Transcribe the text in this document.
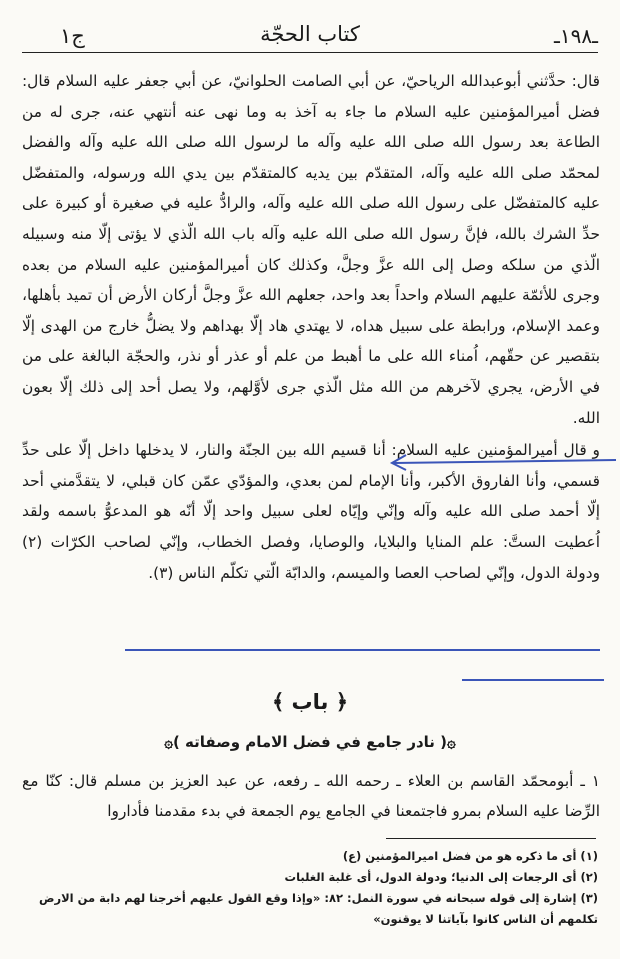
ج۱	كتاب الحجّة	ـ١٩٨ـ

قال: حدَّثني أبوعبدالله الرياحيّ، عن أبي الصامت الحلوانيّ، عن أبي جعفر عليه السلام قال: فضل أميرالمؤمنين عليه السلام ما جاء به آخذ به وما نهى عنه أنتهي عنه، جرى له من الطاعة بعد رسول الله صلى الله عليه وآله ما لرسول الله صلى الله عليه وآله والفضل لمحمّد صلى الله عليه وآله، المتقدّم بين يديه كالمتقدّم بين يدي الله ورسوله، والمتفضّل عليه كالمتفضّل على رسول الله صلى الله عليه وآله، والرادُّ عليه في صغيرة أو كبيرة على حدِّ الشرك بالله، فإنَّ رسول الله صلى الله عليه وآله باب الله الّذي لا يؤتى إلّا منه وسبيله الّذي من سلكه وصل إلى الله عزَّ وجلَّ، وكذلك كان أميرالمؤمنين عليه السلام من بعده وجرى للأئمّة عليهم السلام واحداً بعد واحد، جعلهم الله عزَّ وجلَّ أركان الأرض أن تميد بأهلها، وعمد الإسلام، ورابطة على سبيل هداه، لا يهتدي هاد إلّا بهداهم ولا يضلُّ خارج من الهدى إلّا بتقصير عن حقّهم، اُمناء الله على ما أهبط من علم أو عذر أو نذر، والحجّة البالغة على من في الأرض، يجري لآخرهم من الله مثل الّذي جرى لأوَّلهم، ولا يصل أحد إلى ذلك إلّا بعون الله.

و قال أميرالمؤمنين عليه السلام: أنا قسيم الله بين الجنّة والنار، لا يدخلها داخل إلّا على حدِّ قسمي، وأنا الفاروق الأكبر، وأنا الإمام لمن بعدي، والمؤدّي عمّن كان قبلي، لا يتقدَّمني أحد إلّا أحمد صلى الله عليه وآله وإنّي وإيّاه لعلى سبيل واحد إلّا أنّه هو المدعوُّ باسمه ولقد اُعطيت الستَّ: علم المنايا والبلايا، والوصايا، وفصل الخطاب، وإنّي لصاحب الكرّات (٢) ودولة الدول، وإنّي لصاحب العصا والميسم، والدابّة الّتي تكلّم الناس (٣).

﴿ باب ﴾
۞( نادر جامع في فضل الامام وصفاته )۞
١ ـ أبومحمّد القاسم بن العلاء ـ رحمه الله ـ رفعه، عن عبد العزيز بن مسلم قال: كنّا مع الرِّضا عليه السلام بمرو فاجتمعنا في الجامع يوم الجمعة في بدء مقدمنا فأداروا
(١) أى ما ذكره هو من فضل اميرالمؤمنين (ع)
(٢) أى الرجعات إلى الدنيا؛ ودولة الدول، أى غلبة الغلبات
(٣) إشارة إلى قوله سبحانه في سورة النمل: ٨٢: «وإذا وقع القول عليهم أخرجنا لهم دابة من الارض تكلمهم أن الناس كانوا بآياتنا لا يوقنون»
